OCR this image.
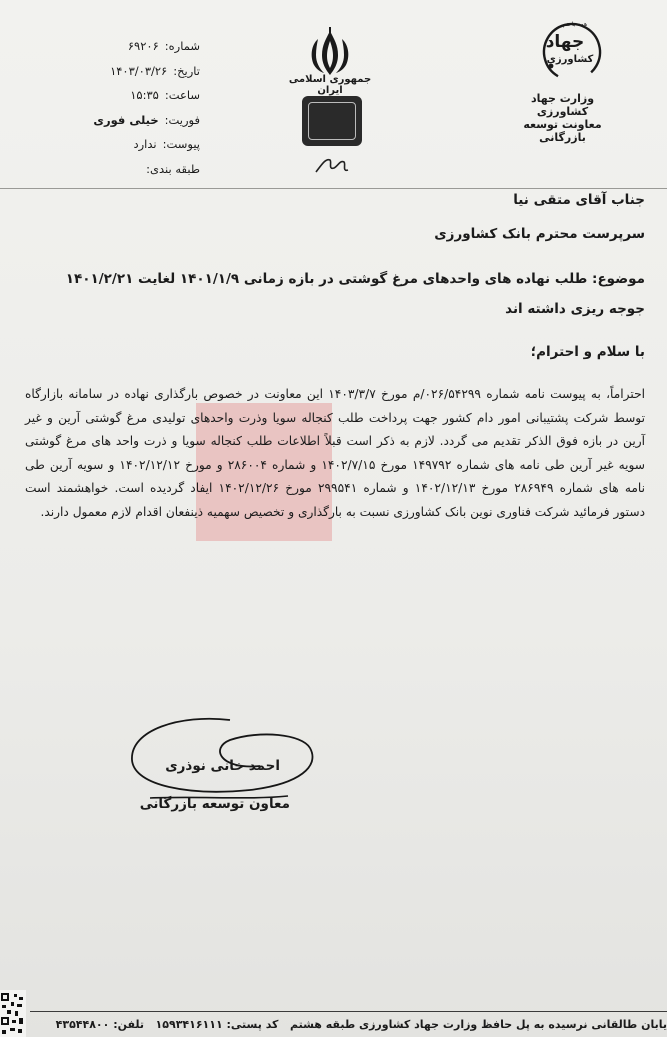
شماره:
۶۹۲۰۶
تاریخ:
۱۴۰۳/۰۳/۲۶
ساعت:
۱۵:۳۵
فوریت:
خیلی فوری
پیوست:
ندارد
طبقه بندی:
جمهوری اسلامی ایران
همه با هم
جهاد
کشاورزی
وزارت جهاد کشاورزی
معاونت توسعه بازرگانی
جناب آقای متقی نیا
سرپرست محترم بانک کشاورزی
موضوع: طلب نهاده های واحدهای مرغ گوشتی در بازه زمانی ۱۴۰۱/۱/۹ لغایت ۱۴۰۱/۲/۲۱ جوجه ریزی داشته اند
با سلام و احترام؛
احتراماً، به پیوست نامه شماره ۰۲۶/۵۴۲۹۹/م مورخ ۱۴۰۳/۳/۷ این معاونت در خصوص بارگذاری نهاده در سامانه بازارگاه توسط شرکت پشتیبانی امور دام کشور جهت پرداخت طلب کنجاله سویا وذرت واحدهای تولیدی مرغ گوشتی آرین و غیر آرین در بازه فوق الذکر تقدیم می گردد. لازم به ذکر است قبلاً اطلاعات طلب کنجاله سویا و ذرت واحد های مرغ گوشتی سویه غیر آرین طی نامه های شماره ۱۴۹۷۹۲ مورخ ۱۴۰۲/۷/۱۵ و شماره ۲۸۶۰۰۴ و مورخ ۱۴۰۲/۱۲/۱۲ و سویه آرین طی نامه های شماره ۲۸۶۹۴۹ مورخ ۱۴۰۲/۱۲/۱۳ و شماره ۲۹۹۵۴۱ مورخ ۱۴۰۲/۱۲/۲۶ ایفاد گردیده است. خواهشمند است دستور فرمائید شرکت فناوری نوین بانک کشاورزی نسبت به بارگذاری و تخصیص سهمیه ذینفعان اقدام لازم معمول دارند.
احمد خانی نوذری
معاون توسعه بازرگانی
یابان طالقانی نرسیده به پل حافظ وزارت جهاد کشاورزی طبقه هشتم   کد پستی: ۱۵۹۳۴۱۶۱۱۱   تلفن: ۴۳۵۴۴۸۰۰
